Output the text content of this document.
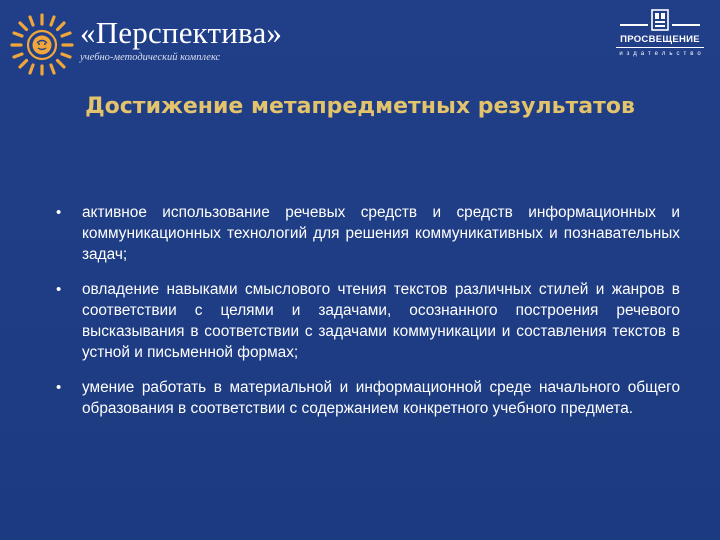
«Перспектива»
учебно-методический комплекс
ПРОСВЕЩЕНИЕ
издательство
Достижение метапредметных результатов
• активное использование речевых средств и средств информационных и коммуникационных технологий для решения коммуникативных и познавательных задач;
• овладение навыками смыслового чтения текстов различных стилей и жанров в соответствии с целями и задачами, осознанного построения речевого высказывания в соответствии с задачами коммуникации и составления текстов в устной и письменной формах;
• умение работать в материальной и информационной среде начального общего образования в соответствии с содержанием конкретного учебного предмета.
